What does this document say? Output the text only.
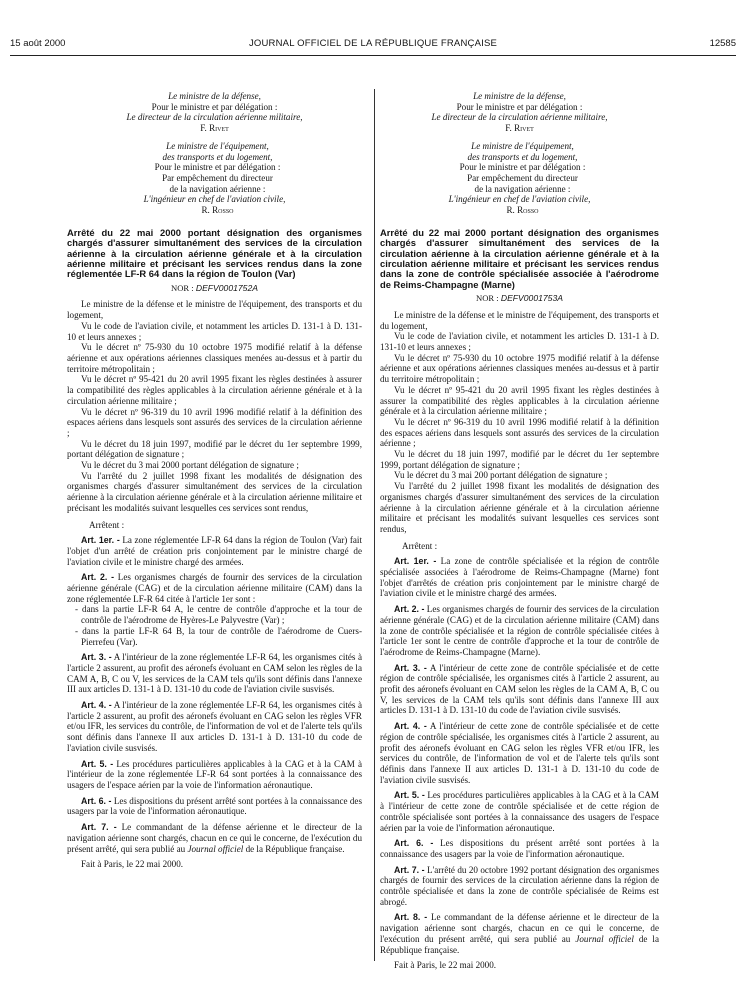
15 août 2000	JOURNAL OFFICIEL DE LA RÉPUBLIQUE FRANÇAISE	12585
Le ministre de la défense,
Pour le ministre et par délégation :
Le directeur de la circulation aérienne militaire,
F. Rivet
Le ministre de l'équipement,
des transports et du logement,
Pour le ministre et par délégation :
Par empêchement du directeur
de la navigation aérienne :
L'ingénieur en chef de l'aviation civile,
R. Rosso
Arrêté du 22 mai 2000 portant désignation des organismes chargés d'assurer simultanément des services de la circulation aérienne à la circulation aérienne générale et à la circulation aérienne militaire et précisant les services rendus dans la zone réglementée LF-R 64 dans la région de Toulon (Var)
NOR : DEFV0001752A

Le ministre de la défense et le ministre de l'équipement, des transports et du logement,

Vu le code de l'aviation civile, et notamment les articles D. 131-1 à D. 131-10 et leurs annexes ;

Vu le décret nº 75-930 du 10 octobre 1975 modifié relatif à la défense aérienne et aux opérations aériennes classiques menées au-dessus et à partir du territoire métropolitain ;

Vu le décret nº 95-421 du 20 avril 1995 fixant les règles destinées à assurer la compatibilité des règles applicables à la circulation aérienne générale et à la circulation aérienne militaire ;

Vu le décret nº 96-319 du 10 avril 1996 modifié relatif à la définition des espaces aériens dans lesquels sont assurés des services de la circulation aérienne ;

Vu le décret du 18 juin 1997, modifié par le décret du 1er septembre 1999, portant délégation de signature ;

Vu le décret du 3 mai 2000 portant délégation de signature ;

Vu l'arrêté du 2 juillet 1998 fixant les modalités de désignation des organismes chargés d'assurer simultanément des services de la circulation aérienne à la circulation aérienne générale et à la circulation aérienne militaire et précisant les modalités suivant lesquelles ces services sont rendus,

Arrêtent :

Art. 1er. - La zone réglementée LF-R 64 dans la région de Toulon (Var) fait l'objet d'un arrêté de création pris conjointement par le ministre chargé de l'aviation civile et le ministre chargé des armées.

Art. 2. - Les organismes chargés de fournir des services de la circulation aérienne générale (CAG) et de la circulation aérienne militaire (CAM) dans la zone réglementée LF-R 64 citée à l'article 1er sont :

- dans la partie LF-R 64 A, le centre de contrôle d'approche et la tour de contrôle de l'aérodrome de Hyères-Le Palyvestre (Var) ;

- dans la partie LF-R 64 B, la tour de contrôle de l'aérodrome de Cuers-Pierrefeu (Var).

Art. 3. - A l'intérieur de la zone réglementée LF-R 64, les organismes cités à l'article 2 assurent, au profit des aéronefs évoluant en CAM selon les règles de la CAM A, B, C ou V, les services de la CAM tels qu'ils sont définis dans l'annexe III aux articles D. 131-1 à D. 131-10 du code de l'aviation civile susvisés.

Art. 4. - A l'intérieur de la zone réglementée LF-R 64, les organismes cités à l'article 2 assurent, au profit des aéronefs évoluant en CAG selon les règles VFR et/ou IFR, les services du contrôle, de l'information de vol et de l'alerte tels qu'ils sont définis dans l'annexe II aux articles D. 131-1 à D. 131-10 du code de l'aviation civile susvisés.

Art. 5. - Les procédures particulières applicables à la CAG et à la CAM à l'intérieur de la zone réglementée LF-R 64 sont portées à la connaissance des usagers de l'espace aérien par la voie de l'information aéronautique.

Art. 6. - Les dispositions du présent arrêté sont portées à la connaissance des usagers par la voie de l'information aéronautique.

Art. 7. - Le commandant de la défense aérienne et le directeur de la navigation aérienne sont chargés, chacun en ce qui le concerne, de l'exécution du présent arrêté, qui sera publié au Journal officiel de la République française.

Fait à Paris, le 22 mai 2000.

Le ministre de la défense,
Pour le ministre et par délégation :
Le directeur de la circulation aérienne militaire,
F. Rivet
Le ministre de l'équipement,
des transports et du logement,
Pour le ministre et par délégation :
Par empêchement du directeur
de la navigation aérienne :
L'ingénieur en chef de l'aviation civile,
R. Rosso
Arrêté du 22 mai 2000 portant désignation des organismes chargés d'assurer simultanément des services de la circulation aérienne à la circulation aérienne générale et à la circulation aérienne militaire et précisant les services rendus dans la zone de contrôle spécialisée associée à l'aérodrome de Reims-Champagne (Marne)
NOR : DEFV0001753A

Le ministre de la défense et le ministre de l'équipement, des transports et du logement,

Vu le code de l'aviation civile, et notamment les articles D. 131-1 à D. 131-10 et leurs annexes ;

Vu le décret nº 75-930 du 10 octobre 1975 modifié relatif à la défense aérienne et aux opérations aériennes classiques menées au-dessus et à partir du territoire métropolitain ;

Vu le décret nº 95-421 du 20 avril 1995 fixant les règles destinées à assurer la compatibilité des règles applicables à la circulation aérienne générale et à la circulation aérienne militaire ;

Vu le décret nº 96-319 du 10 avril 1996 modifié relatif à la définition des espaces aériens dans lesquels sont assurés des services de la circulation aérienne ;

Vu le décret du 18 juin 1997, modifié par le décret du 1er septembre 1999, portant délégation de signature ;

Vu le décret du 3 mai 200 portant délégation de signature ;

Vu l'arrêté du 2 juillet 1998 fixant les modalités de désignation des organismes chargés d'assurer simultanément des services de la circulation aérienne à la circulation aérienne générale et à la circulation aérienne militaire et précisant les modalités suivant lesquelles ces services sont rendus,

Arrêtent :

Art. 1er. - La zone de contrôle spécialisée et la région de contrôle spécialisée associées à l'aérodrome de Reims-Champagne (Marne) font l'objet d'arrêtés de création pris conjointement par le ministre chargé de l'aviation civile et le ministre chargé des armées.

Art. 2. - Les organismes chargés de fournir des services de la circulation aérienne générale (CAG) et de la circulation aérienne militaire (CAM) dans la zone de contrôle spécialisée et la région de contrôle spécialisée citées à l'article 1er sont le centre de contrôle d'approche et la tour de contrôle de l'aérodrome de Reims-Champagne (Marne).

Art. 3. - A l'intérieur de cette zone de contrôle spécialisée et de cette région de contrôle spécialisée, les organismes cités à l'article 2 assurent, au profit des aéronefs évoluant en CAM selon les règles de la CAM A, B, C ou V, les services de la CAM tels qu'ils sont définis dans l'annexe III aux articles D. 131-1 à D. 131-10 du code de l'aviation civile susvisés.

Art. 4. - A l'intérieur de cette zone de contrôle spécialisée et de cette région de contrôle spécialisée, les organismes cités à l'article 2 assurent, au profit des aéronefs évoluant en CAG selon les règles VFR et/ou IFR, les services du contrôle, de l'information de vol et de l'alerte tels qu'ils sont définis dans l'annexe II aux articles D. 131-1 à D. 131-10 du code de l'aviation civile susvisés.

Art. 5. - Les procédures particulières applicables à la CAG et à la CAM à l'intérieur de cette zone de contrôle spécialisée et de cette région de contrôle spécialisée sont portées à la connaissance des usagers de l'espace aérien par la voie de l'information aéronautique.

Art. 6. - Les dispositions du présent arrêté sont portées à la connaissance des usagers par la voie de l'information aéronautique.

Art. 7. - L'arrêté du 20 octobre 1992 portant désignation des organismes chargés de fournir des services de la circulation aérienne dans la région de contrôle spécialisée et dans la zone de contrôle spécialisée de Reims est abrogé.

Art. 8. - Le commandant de la défense aérienne et le directeur de la navigation aérienne sont chargés, chacun en ce qui le concerne, de l'exécution du présent arrêté, qui sera publié au Journal officiel de la République française.

Fait à Paris, le 22 mai 2000.
